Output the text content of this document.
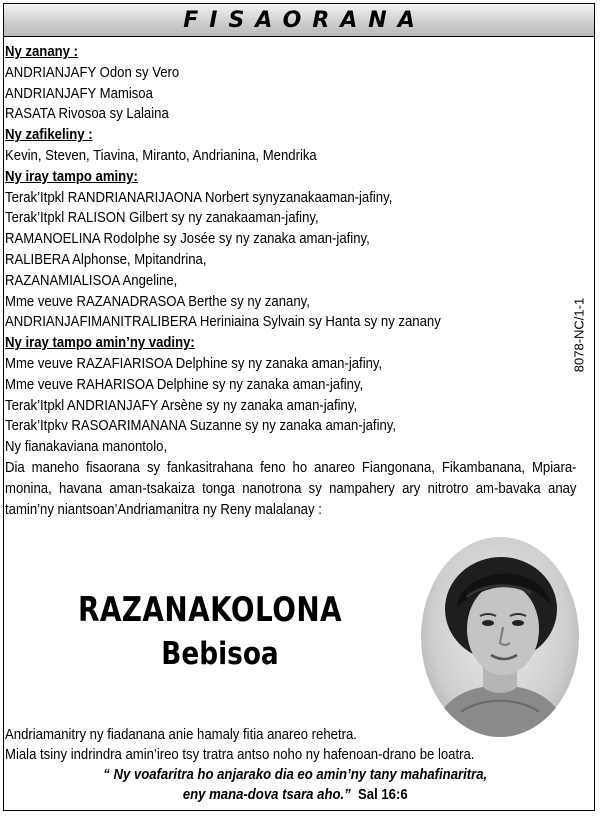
FISAORANA
Ny zanany :
ANDRIANJAFY Odon sy Vero
ANDRIANJAFY Mamisoa
RASATA Rivosoa sy Lalaina
Ny zafikeliny :
Kevin, Steven, Tiavina, Miranto, Andrianina, Mendrika
Ny iray tampo aminy:
Terak’Itpkl RANDRIANARIJAONA Norbert synyzanakaaman-jafiny,
Terak’Itpkl RALISON Gilbert sy ny zanakaaman-jafiny,
RAMANOELINA Rodolphe sy Josée sy ny zanaka aman-jafiny,
RALIBERA Alphonse, Mpitandrina,
RAZANAMIALISOA Angeline,
Mme veuve RAZANADRASOA Berthe sy ny zanany,
ANDRIANJAFIMANITRALIBERA Heriniaina Sylvain sy Hanta sy ny zanany
Ny iray tampo amin’ny vadiny:
Mme veuve RAZAFIARISOA Delphine sy ny zanaka aman-jafiny,
Mme veuve RAHARISOA Delphine sy ny zanaka aman-jafiny,
Terak’Itpkl ANDRIANJAFY Arsène sy ny zanaka aman-jafiny,
Terak’Itpkv RASOARIMANANA Suzanne sy ny zanaka aman-jafiny,
Ny fianakaviana manontolo,
Dia maneho fisaorana sy fankasitrahana feno ho anareo Fiangonana, Fikambanana, Mpiara-monina, havana aman-tsakaiza tonga nanotrona sy nampahery ary nitrotro am-bavaka anay tamin’ny niantsoan’Andriamanitra ny Reny malalanay :
8078-NC/1-1
RAZANAKOLONA
Bebisoa
Andriamanitry ny fiadanana anie hamaly fitia anareo rehetra.
Miala tsiny indrindra amin’ireo tsy tratra antso noho ny hafenoan-drano be loatra.
“ Ny voafaritra ho anjarako dia eo amin’ny tany mahafinaritra,
eny mana-dova tsara aho.” Sal 16:6
